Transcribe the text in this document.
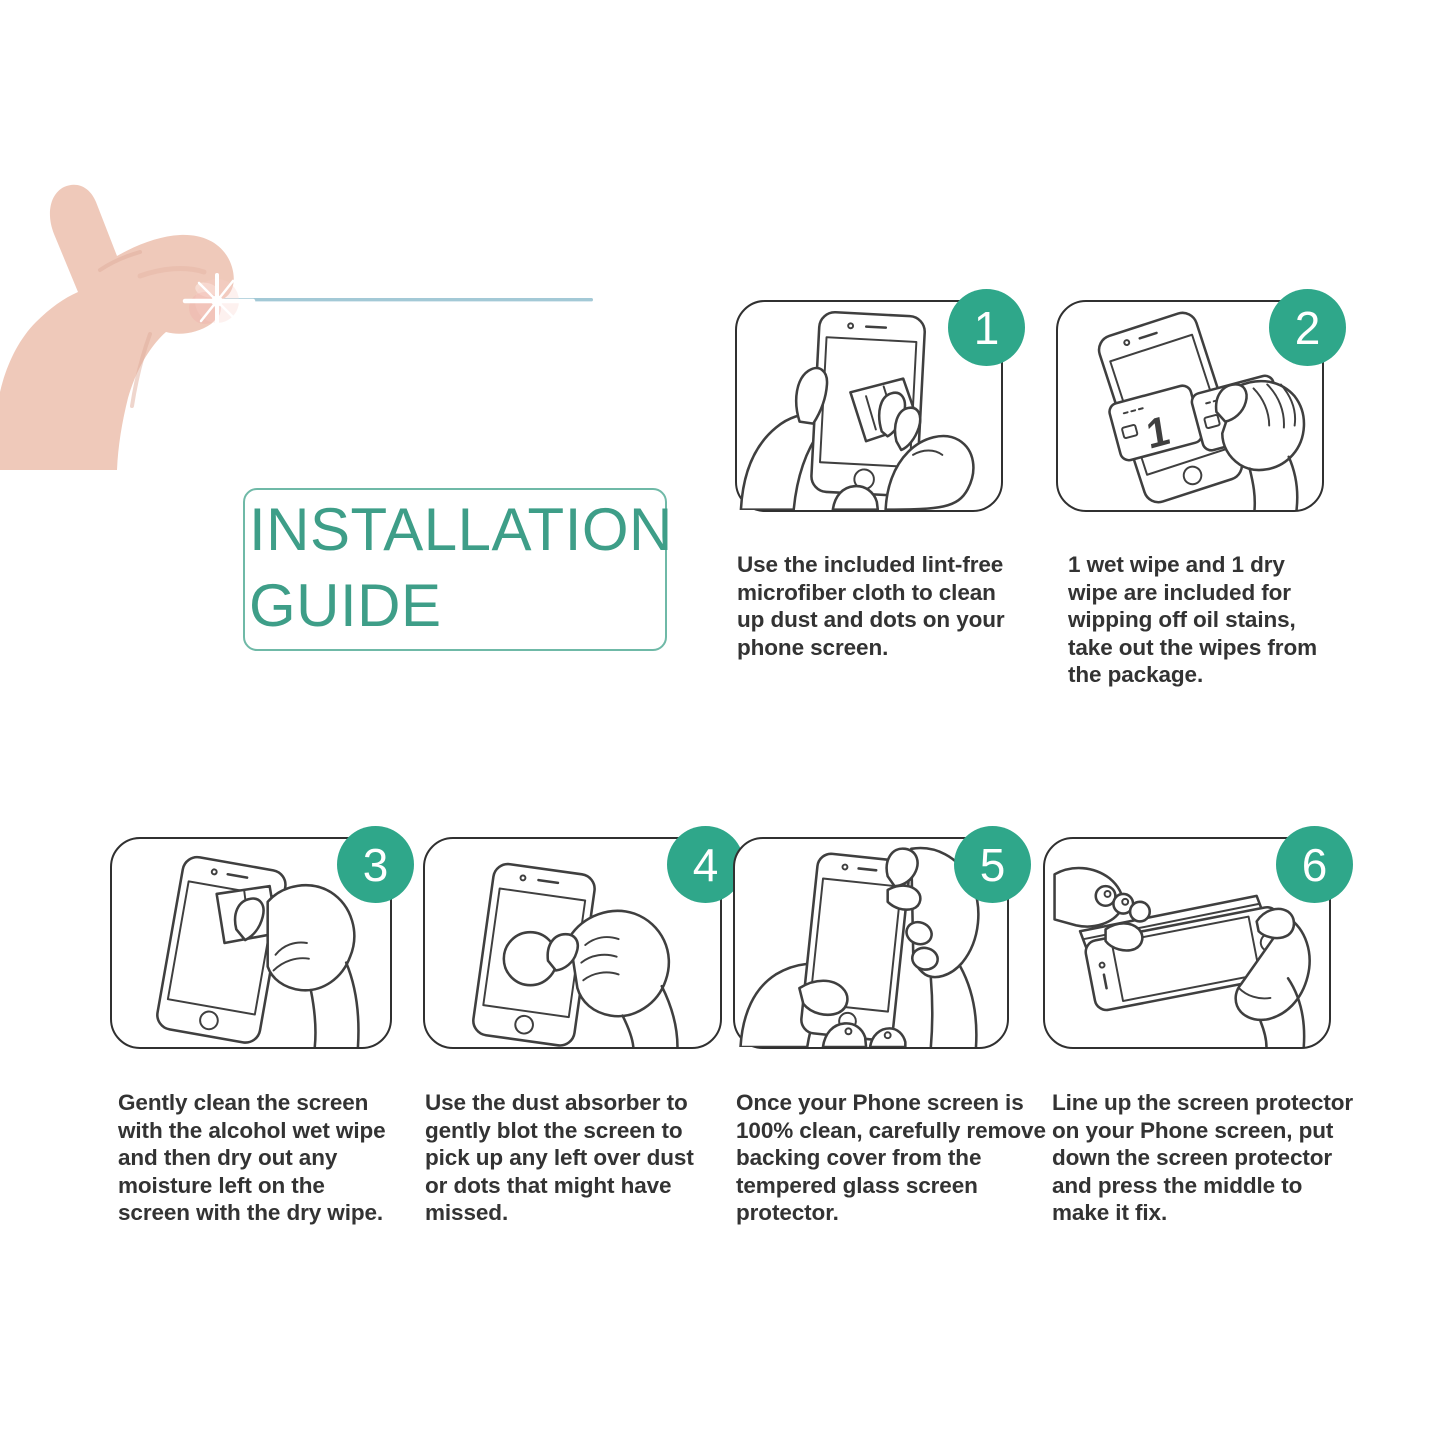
INSTALLATION
GUIDE
1	2
1
3	4	5	6
Use the included lint-free
microfiber cloth to clean
up dust and dots on your
phone screen.
1 wet wipe and 1 dry
wipe are included for
wipping off oil stains,
take out the wipes from
the package.
Gently clean the screen
with the alcohol wet wipe
and then dry out any
moisture left on the
screen with the dry wipe.
Use the dust absorber to
gently blot the screen to
pick up any left over dust
or dots that might have
missed.
Once your Phone screen is
100% clean, carefully remove
backing cover from the
tempered glass screen
protector.
Line up the screen protector
on your Phone screen, put
down the screen protector
and press the middle to
make it fix.
